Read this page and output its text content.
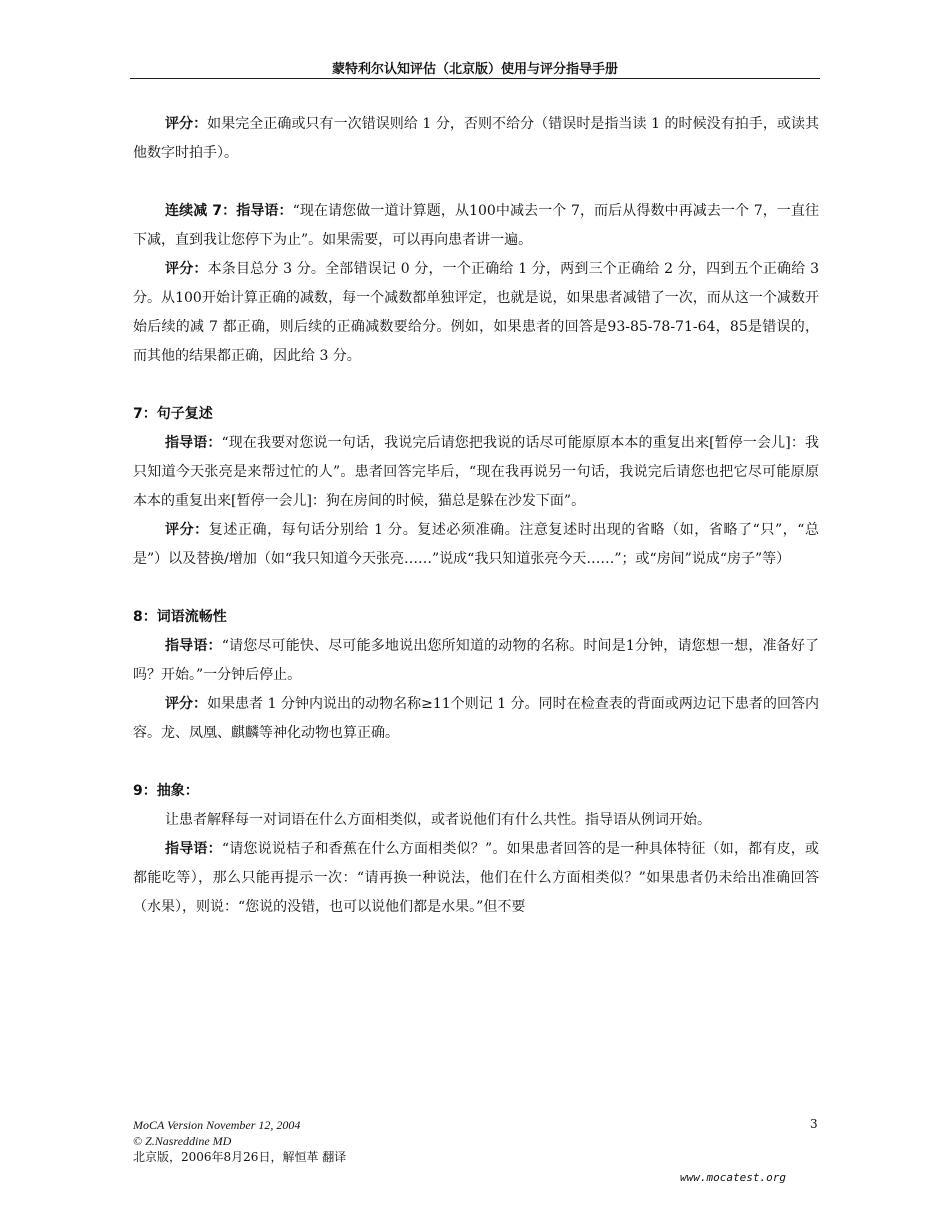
蒙特利尔认知评估（北京版）使用与评分指导手册

评分：如果完全正确或只有一次错误则给 1 分，否则不给分（错误时是指当读 1 的时候没有拍手，或读其他数字时拍手）。

连续减 7：指导语：“现在请您做一道计算题，从100中减去一个 7，而后从得数中再减去一个 7，一直往下减，直到我让您停下为止”。如果需要，可以再向患者讲一遍。

评分：本条目总分 3 分。全部错误记 0 分，一个正确给 1 分，两到三个正确给 2 分，四到五个正确给 3 分。从100开始计算正确的减数，每一个减数都单独评定，也就是说，如果患者减错了一次，而从这一个减数开始后续的减 7 都正确，则后续的正确减数要给分。例如，如果患者的回答是93-85-78-71-64，85是错误的，而其他的结果都正确，因此给 3 分。

7：句子复述

指导语：“现在我要对您说一句话，我说完后请您把我说的话尽可能原原本本的重复出来[暂停一会儿]：我只知道今天张亮是来帮过忙的人”。患者回答完毕后，“现在我再说另一句话，我说完后请您也把它尽可能原原本本的重复出来[暂停一会儿]：狗在房间的时候，猫总是躲在沙发下面”。

评分：复述正确，每句话分别给 1 分。复述必须准确。注意复述时出现的省略（如，省略了“只”，“总是”）以及替换/增加（如“我只知道今天张亮……”说成“我只知道张亮今天……”；或“房间”说成“房子”等）

8：词语流畅性

指导语：“请您尽可能快、尽可能多地说出您所知道的动物的名称。时间是1分钟，请您想一想，准备好了吗？开始。”一分钟后停止。

评分：如果患者 1 分钟内说出的动物名称≥11个则记 1 分。同时在检查表的背面或两边记下患者的回答内容。龙、凤凰、麒麟等神化动物也算正确。

9：抽象：

让患者解释每一对词语在什么方面相类似，或者说他们有什么共性。指导语从例词开始。

指导语：“请您说说桔子和香蕉在什么方面相类似？”。如果患者回答的是一种具体特征（如，都有皮，或都能吃等），那么只能再提示一次：“请再换一种说法，他们在什么方面相类似？”如果患者仍未给出准确回答（水果），则说：“您说的没错，也可以说他们都是水果。”但不要

MoCA Version November 12, 2004
© Z.Nasreddine MD
北京版，2006年8月26日，解恒革 翻译
3
www.mocatest.org
